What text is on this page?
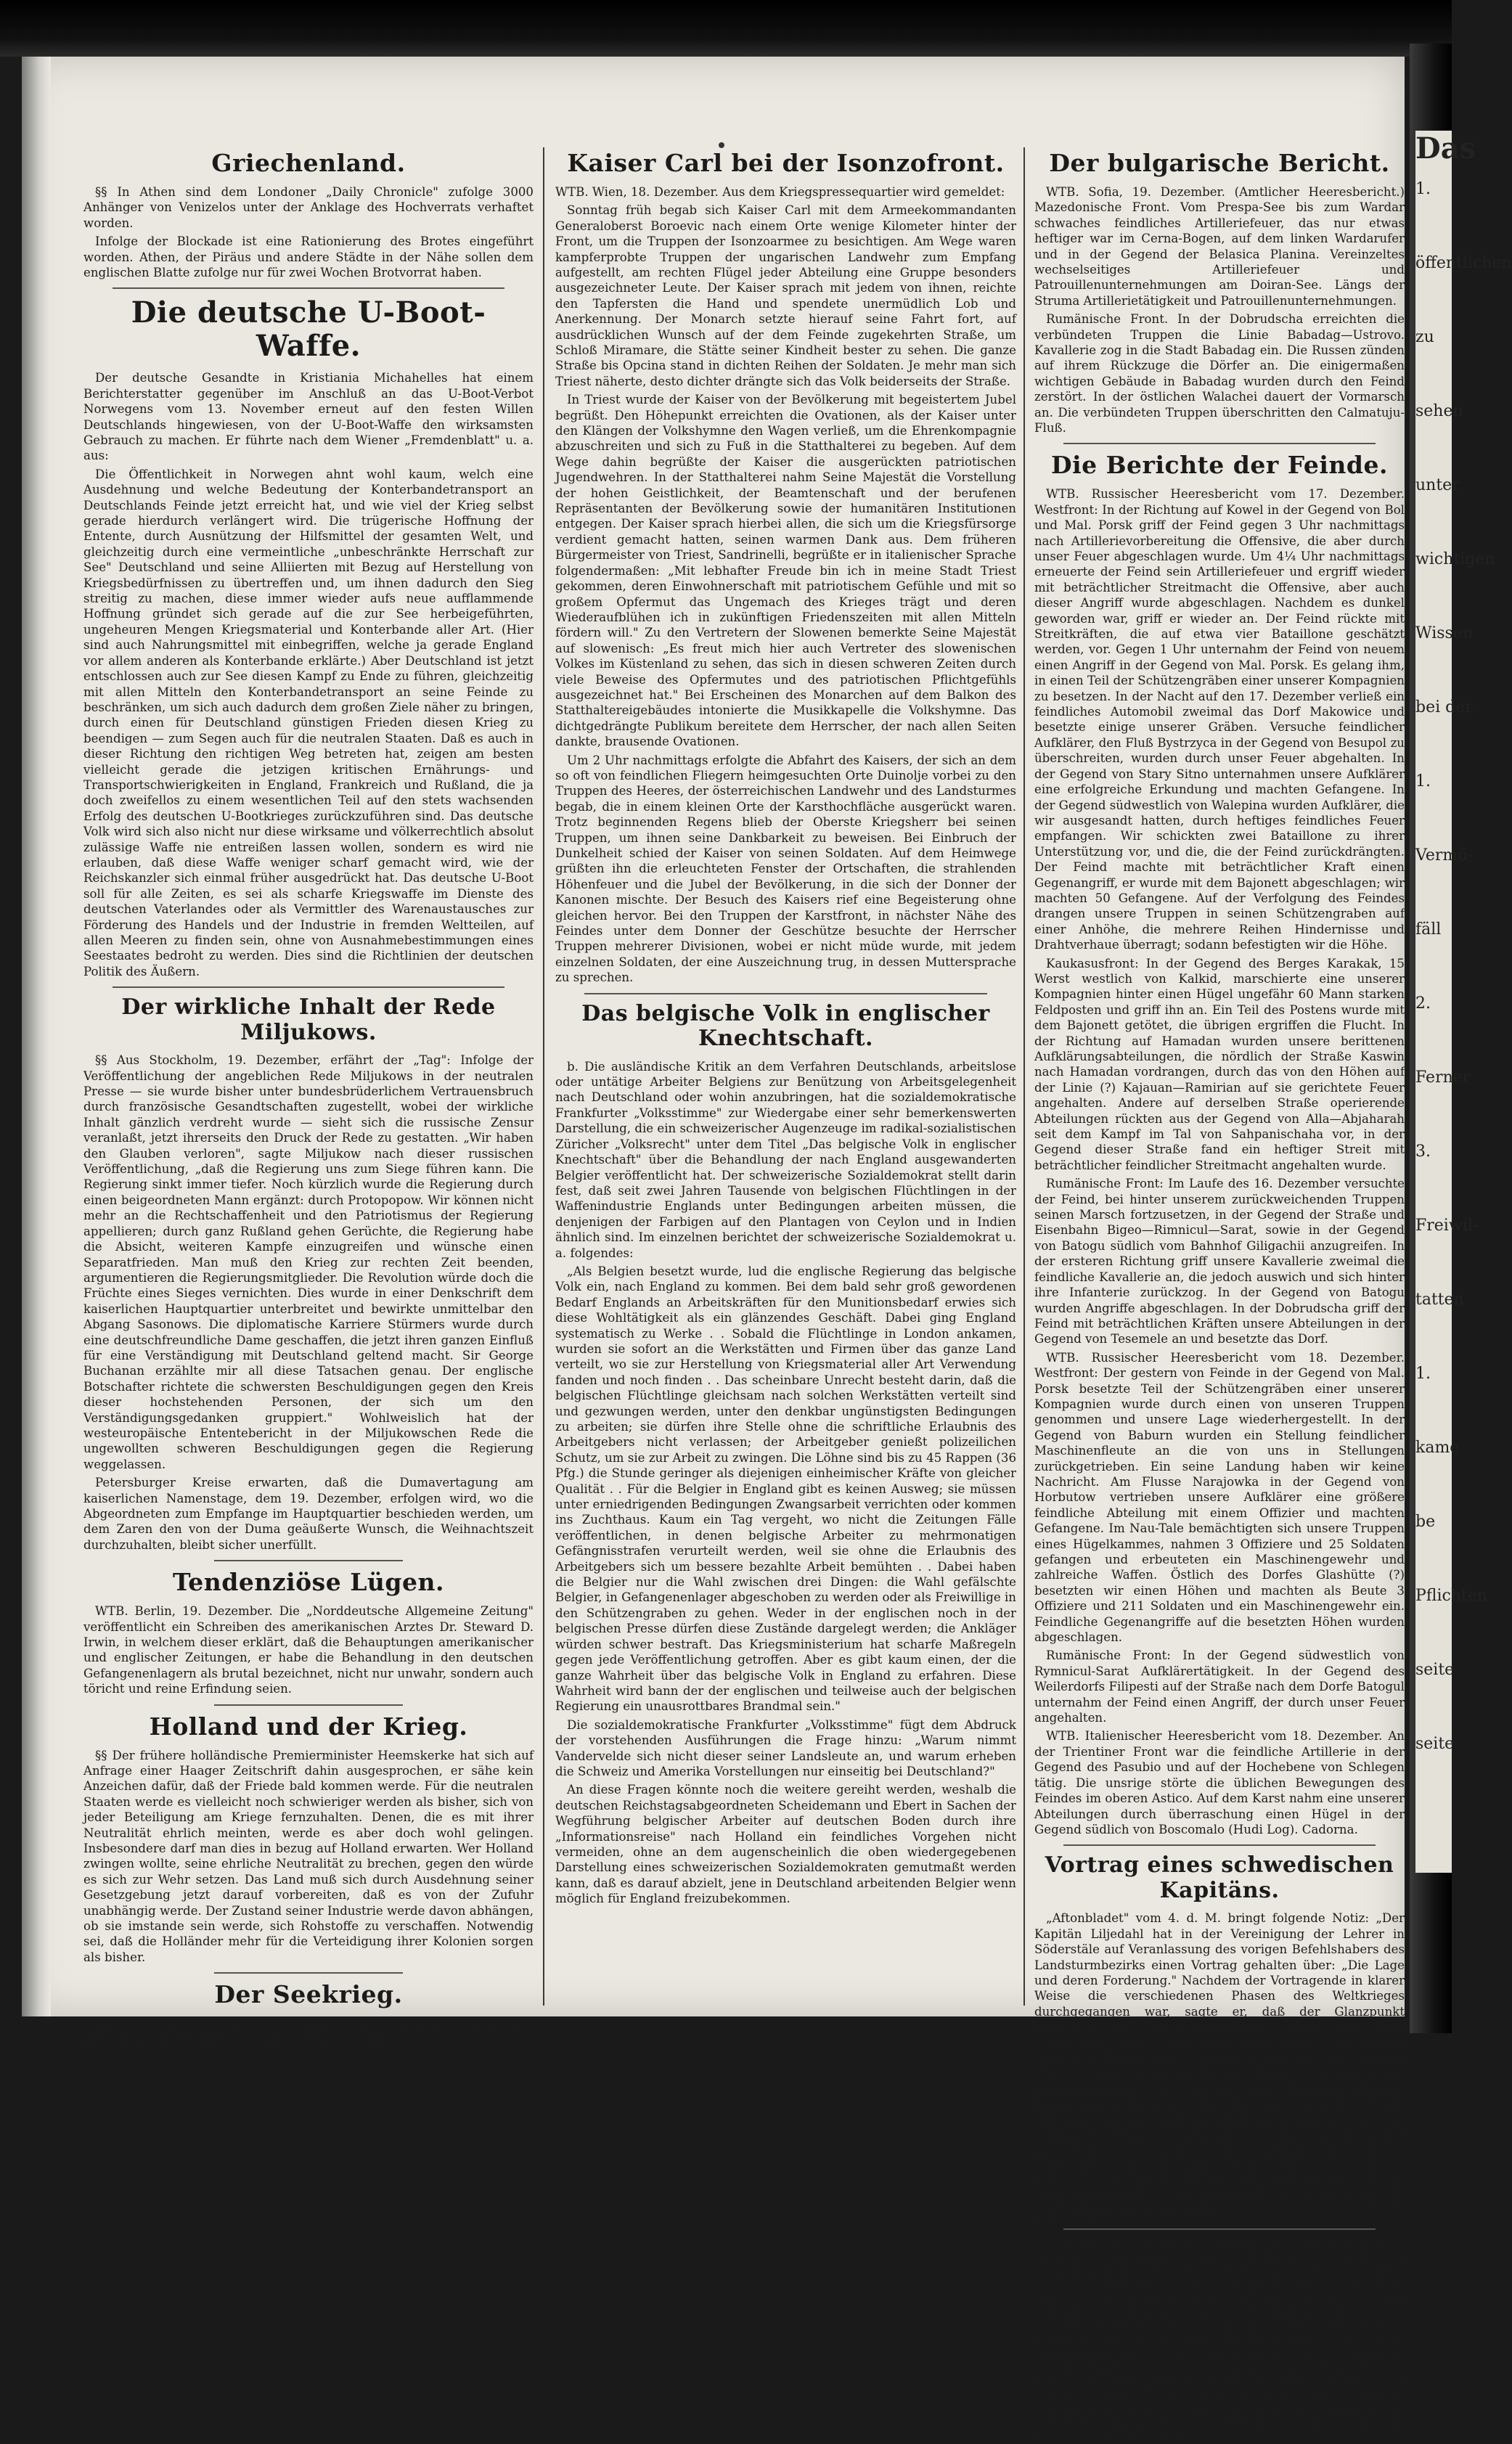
Griechenland.

§§ In Athen sind dem Londoner „Daily Chronicle" zufolge 3000 Anhänger von Venizelos unter der Anklage des Hochverrats verhaftet worden.

Infolge der Blockade ist eine Rationierung des Brotes eingeführt worden. Athen, der Piräus und andere Städte in der Nähe sollen dem englischen Blatte zufolge nur für zwei Wochen Brotvorrat haben.

Die deutsche U-Boot-Waffe.

Der deutsche Gesandte in Kristiania Michahelles hat einem Berichterstatter gegenüber im Anschluß an das U-Boot-Verbot Norwegens vom 13. November erneut auf den festen Willen Deutschlands hingewiesen, von der U-Boot-Waffe den wirksamsten Gebrauch zu machen. Er führte nach dem Wiener „Fremdenblatt" u. a. aus:

Die Öffentlichkeit in Norwegen ahnt wohl kaum, welch eine Ausdehnung und welche Bedeutung der Konterbandetransport an Deutschlands Feinde jetzt erreicht hat, und wie viel der Krieg selbst gerade hierdurch verlängert wird. Die trügerische Hoffnung der Entente, durch Ausnützung der Hilfsmittel der gesamten Welt, und gleichzeitig durch eine vermeintliche „unbeschränkte Herrschaft zur See" Deutschland und seine Alliierten mit Bezug auf Herstellung von Kriegsbedürfnissen zu übertreffen und, um ihnen dadurch den Sieg streitig zu machen, diese immer wieder aufs neue aufflammende Hoffnung gründet sich gerade auf die zur See herbeigeführten, ungeheuren Mengen Kriegsmaterial und Konterbande aller Art. (Hier sind auch Nahrungsmittel mit einbegriffen, welche ja gerade England vor allem anderen als Konterbande erklärte.) Aber Deutschland ist jetzt entschlossen auch zur See diesen Kampf zu Ende zu führen, gleichzeitig mit allen Mitteln den Konterbandetransport an seine Feinde zu beschränken, um sich auch dadurch dem großen Ziele näher zu bringen, durch einen für Deutschland günstigen Frieden diesen Krieg zu beendigen — zum Segen auch für die neutralen Staaten. Daß es auch in dieser Richtung den richtigen Weg betreten hat, zeigen am besten vielleicht gerade die jetzigen kritischen Ernährungs- und Transportschwierigkeiten in England, Frankreich und Rußland, die ja doch zweifellos zu einem wesentlichen Teil auf den stets wachsenden Erfolg des deutschen U-Bootkrieges zurückzuführen sind. Das deutsche Volk wird sich also nicht nur diese wirksame und völkerrechtlich absolut zulässige Waffe nie entreißen lassen wollen, sondern es wird nie erlauben, daß diese Waffe weniger scharf gemacht wird, wie der Reichskanzler sich einmal früher ausgedrückt hat. Das deutsche U-Boot soll für alle Zeiten, es sei als scharfe Kriegswaffe im Dienste des deutschen Vaterlandes oder als Vermittler des Warenaustausches zur Förderung des Handels und der Industrie in fremden Weltteilen, auf allen Meeren zu finden sein, ohne von Ausnahmebestimmungen eines Seestaates bedroht zu werden. Dies sind die Richtlinien der deutschen Politik des Äußern.

Der wirkliche Inhalt der Rede Miljukows.

§§ Aus Stockholm, 19. Dezember, erfährt der „Tag": Infolge der Veröffentlichung der angeblichen Rede Miljukows in der neutralen Presse — sie wurde bisher unter bundesbrüderlichem Vertrauensbruch durch französische Gesandtschaften zugestellt, wobei der wirkliche Inhalt gänzlich verdreht wurde — sieht sich die russische Zensur veranlaßt, jetzt ihrerseits den Druck der Rede zu gestatten. „Wir haben den Glauben verloren", sagte Miljukow nach dieser russischen Veröffentlichung, „daß die Regierung uns zum Siege führen kann. Die Regierung sinkt immer tiefer. Noch kürzlich wurde die Regierung durch einen beigeordneten Mann ergänzt: durch Protopopow. Wir können nicht mehr an die Rechtschaffenheit und den Patriotismus der Regierung appellieren; durch ganz Rußland gehen Gerüchte, die Regierung habe die Absicht, weiteren Kampfe einzugreifen und wünsche einen Separatfrieden. Man muß den Krieg zur rechten Zeit beenden, argumentieren die Regierungsmitglieder. Die Revolution würde doch die Früchte eines Sieges vernichten. Dies wurde in einer Denkschrift dem kaiserlichen Hauptquartier unterbreitet und bewirkte unmittelbar den Abgang Sasonows. Die diplomatische Karriere Stürmers wurde durch eine deutschfreundliche Dame geschaffen, die jetzt ihren ganzen Einfluß für eine Verständigung mit Deutschland geltend macht. Sir George Buchanan erzählte mir all diese Tatsachen genau. Der englische Botschafter richtete die schwersten Beschuldigungen gegen den Kreis dieser hochstehenden Personen, der sich um den Verständigungsgedanken gruppiert." Wohlweislich hat der westeuropäische Ententebericht in der Miljukowschen Rede die ungewollten schweren Beschuldigungen gegen die Regierung weggelassen.

Petersburger Kreise erwarten, daß die Dumavertagung am kaiserlichen Namenstage, dem 19. Dezember, erfolgen wird, wo die Abgeordneten zum Empfange im Hauptquartier beschieden werden, um dem Zaren den von der Duma geäußerte Wunsch, die Weihnachtszeit durchzuhalten, bleibt sicher unerfüllt.

Tendenziöse Lügen.

WTB. Berlin, 19. Dezember. Die „Norddeutsche Allgemeine Zeitung" veröffentlicht ein Schreiben des amerikanischen Arztes Dr. Steward D. Irwin, in welchem dieser erklärt, daß die Behauptungen amerikanischer und englischer Zeitungen, er habe die Behandlung in den deutschen Gefangenenlagern als brutal bezeichnet, nicht nur unwahr, sondern auch töricht und reine Erfindung seien.

Holland und der Krieg.

§§ Der frühere holländische Premierminister Heemskerke hat sich auf Anfrage einer Haager Zeitschrift dahin ausgesprochen, er sähe kein Anzeichen dafür, daß der Friede bald kommen werde. Für die neutralen Staaten werde es vielleicht noch schwieriger werden als bisher, sich von jeder Beteiligung am Kriege fernzuhalten. Denen, die es mit ihrer Neutralität ehrlich meinten, werde es aber doch wohl gelingen. Insbesondere darf man dies in bezug auf Holland erwarten. Wer Holland zwingen wollte, seine ehrliche Neutralität zu brechen, gegen den würde es sich zur Wehr setzen. Das Land muß sich durch Ausdehnung seiner Gesetzgebung jetzt darauf vorbereiten, daß es von der Zufuhr unabhängig werde. Der Zustand seiner Industrie werde davon abhängen, ob sie imstande sein werde, sich Rohstoffe zu verschaffen. Notwendig sei, daß die Holländer mehr für die Verteidigung ihrer Kolonien sorgen als bisher.

Der Seekrieg.

WTB. London, 19. Dezember. Nach einer Lloydsmeldung ist der portugiesische Dampfer „Cascais" versenkt worden.

Kaiser Carl bei der Isonzofront.

WTB. Wien, 18. Dezember. Aus dem Kriegspressequartier wird gemeldet:

Sonntag früh begab sich Kaiser Carl mit dem Armeekommandanten Generaloberst Boroevic nach einem Orte wenige Kilometer hinter der Front, um die Truppen der Isonzoarmee zu besichtigen. Am Wege waren kampferprobte Truppen der ungarischen Landwehr zum Empfang aufgestellt, am rechten Flügel jeder Abteilung eine Gruppe besonders ausgezeichneter Leute. Der Kaiser sprach mit jedem von ihnen, reichte den Tapfersten die Hand und spendete unermüdlich Lob und Anerkennung. Der Monarch setzte hierauf seine Fahrt fort, auf ausdrücklichen Wunsch auf der dem Feinde zugekehrten Straße, um Schloß Miramare, die Stätte seiner Kindheit bester zu sehen. Die ganze Straße bis Opcina stand in dichten Reihen der Soldaten. Je mehr man sich Triest näherte, desto dichter drängte sich das Volk beiderseits der Straße.

In Triest wurde der Kaiser von der Bevölkerung mit begeistertem Jubel begrüßt. Den Höhepunkt erreichten die Ovationen, als der Kaiser unter den Klängen der Volkshymne den Wagen verließ, um die Ehrenkompagnie abzuschreiten und sich zu Fuß in die Statthalterei zu begeben. Auf dem Wege dahin begrüßte der Kaiser die ausgerückten patriotischen Jugendwehren. In der Statthalterei nahm Seine Majestät die Vorstellung der hohen Geistlichkeit, der Beamtenschaft und der berufenen Repräsentanten der Bevölkerung sowie der humanitären Institutionen entgegen. Der Kaiser sprach hierbei allen, die sich um die Kriegsfürsorge verdient gemacht hatten, seinen warmen Dank aus. Dem früheren Bürgermeister von Triest, Sandrinelli, begrüßte er in italienischer Sprache folgendermaßen: „Mit lebhafter Freude bin ich in meine Stadt Triest gekommen, deren Einwohnerschaft mit patriotischem Gefühle und mit so großem Opfermut das Ungemach des Krieges trägt und deren Wiederaufblühen ich in zukünftigen Friedenszeiten mit allen Mitteln fördern will." Zu den Vertretern der Slowenen bemerkte Seine Majestät auf slowenisch: „Es freut mich hier auch Vertreter des slowenischen Volkes im Küstenland zu sehen, das sich in diesen schweren Zeiten durch viele Beweise des Opfermutes und des patriotischen Pflichtgefühls ausgezeichnet hat." Bei Erscheinen des Monarchen auf dem Balkon des Statthaltereigebäudes intonierte die Musikkapelle die Volkshymne. Das dichtgedrängte Publikum bereitete dem Herrscher, der nach allen Seiten dankte, brausende Ovationen.

Um 2 Uhr nachmittags erfolgte die Abfahrt des Kaisers, der sich an dem so oft von feindlichen Fliegern heimgesuchten Orte Duinolje vorbei zu den Truppen des Heeres, der österreichischen Landwehr und des Landsturmes begab, die in einem kleinen Orte der Karsthochfläche ausgerückt waren. Trotz beginnenden Regens blieb der Oberste Kriegsherr bei seinen Truppen, um ihnen seine Dankbarkeit zu beweisen. Bei Einbruch der Dunkelheit schied der Kaiser von seinen Soldaten. Auf dem Heimwege grüßten ihn die erleuchteten Fenster der Ortschaften, die strahlenden Höhenfeuer und die Jubel der Bevölkerung, in die sich der Donner der Kanonen mischte. Der Besuch des Kaisers rief eine Begeisterung ohne gleichen hervor. Bei den Truppen der Karstfront, in nächster Nähe des Feindes unter dem Donner der Geschütze besuchte der Herrscher Truppen mehrerer Divisionen, wobei er nicht müde wurde, mit jedem einzelnen Soldaten, der eine Auszeichnung trug, in dessen Muttersprache zu sprechen.

Das belgische Volk in englischer Knechtschaft.

b. Die ausländische Kritik an dem Verfahren Deutschlands, arbeitslose oder untätige Arbeiter Belgiens zur Benützung von Arbeitsgelegenheit nach Deutschland oder wohin anzubringen, hat die sozialdemokratische Frankfurter „Volksstimme" zur Wiedergabe einer sehr bemerkenswerten Darstellung, die ein schweizerischer Augenzeuge im radikal-sozialistischen Züricher „Volksrecht" unter dem Titel „Das belgische Volk in englischer Knechtschaft" über die Behandlung der nach England ausgewanderten Belgier veröffentlicht hat. Der schweizerische Sozialdemokrat stellt darin fest, daß seit zwei Jahren Tausende von belgischen Flüchtlingen in der Waffenindustrie Englands unter Bedingungen arbeiten müssen, die denjenigen der Farbigen auf den Plantagen von Ceylon und in Indien ähnlich sind. Im einzelnen berichtet der schweizerische Sozialdemokrat u. a. folgendes:

„Als Belgien besetzt wurde, lud die englische Regierung das belgische Volk ein, nach England zu kommen. Bei dem bald sehr groß gewordenen Bedarf Englands an Arbeitskräften für den Munitionsbedarf erwies sich diese Wohltätigkeit als ein glänzendes Geschäft. Dabei ging England systematisch zu Werke . . Sobald die Flüchtlinge in London ankamen, wurden sie sofort an die Werkstätten und Firmen über das ganze Land verteilt, wo sie zur Herstellung von Kriegsmaterial aller Art Verwendung fanden und noch finden . . Das scheinbare Unrecht besteht darin, daß die belgischen Flüchtlinge gleichsam nach solchen Werkstätten verteilt sind und gezwungen werden, unter den denkbar ungünstigsten Bedingungen zu arbeiten; sie dürfen ihre Stelle ohne die schriftliche Erlaubnis des Arbeitgebers nicht verlassen; der Arbeitgeber genießt polizeilichen Schutz, um sie zur Arbeit zu zwingen. Die Löhne sind bis zu 45 Rappen (36 Pfg.) die Stunde geringer als diejenigen einheimischer Kräfte von gleicher Qualität . . Für die Belgier in England gibt es keinen Ausweg; sie müssen unter erniedrigenden Bedingungen Zwangsarbeit verrichten oder kommen ins Zuchthaus. Kaum ein Tag vergeht, wo nicht die Zeitungen Fälle veröffentlichen, in denen belgische Arbeiter zu mehrmonatigen Gefängnisstrafen verurteilt werden, weil sie ohne die Erlaubnis des Arbeitgebers sich um bessere bezahlte Arbeit bemühten . . Dabei haben die Belgier nur die Wahl zwischen drei Dingen: die Wahl gefälschte Belgier, in Gefangenenlager abgeschoben zu werden oder als Freiwillige in den Schützengraben zu gehen. Weder in der englischen noch in der belgischen Presse dürfen diese Zustände dargelegt werden; die Ankläger würden schwer bestraft. Das Kriegsministerium hat scharfe Maßregeln gegen jede Veröffentlichung getroffen. Aber es gibt kaum einen, der die ganze Wahrheit über das belgische Volk in England zu erfahren. Diese Wahrheit wird bann der der englischen und teilweise auch der belgischen Regierung ein unausrottbares Brandmal sein."

Die sozialdemokratische Frankfurter „Volksstimme" fügt dem Abdruck der vorstehenden Ausführungen die Frage hinzu: „Warum nimmt Vandervelde sich nicht dieser seiner Landsleute an, und warum erheben die Schweiz und Amerika Vorstellungen nur einseitig bei Deutschland?"

An diese Fragen könnte noch die weitere gereiht werden, weshalb die deutschen Reichstagsabgeordneten Scheidemann und Ebert in Sachen der Wegführung belgischer Arbeiter auf deutschen Boden durch ihre „Informationsreise" nach Holland ein feindliches Vorgehen nicht vermeiden, ohne an dem augenscheinlich die oben wiedergegebenen Darstellung eines schweizerischen Sozialdemokraten gemutmaßt werden kann, daß es darauf abzielt, jene in Deutschland arbeitenden Belgier wenn möglich für England freizubekommen.

Der bulgarische Bericht.

WTB. Sofia, 19. Dezember. (Amtlicher Heeresbericht.) Mazedonische Front. Vom Prespa-See bis zum Wardar schwaches feindliches Artilleriefeuer, das nur etwas heftiger war im Cerna-Bogen, auf dem linken Wardarufer und in der Gegend der Belasica Planina. Vereinzeltes wechselseitiges Artilleriefeuer und Patrouillenunternehmungen am Doiran-See. Längs der Struma Artillerietätigkeit und Patrouillenunternehmungen.

Rumänische Front. In der Dobrudscha erreichten die verbündeten Truppen die Linie Babadag—Ustrovo. Kavallerie zog in die Stadt Babadag ein. Die Russen zünden auf ihrem Rückzuge die Dörfer an. Die einigermaßen wichtigen Gebäude in Babadag wurden durch den Feind zerstört. In der östlichen Walachei dauert der Vormarsch an. Die verbündeten Truppen überschritten den Calmatuju-Fluß.

Die Berichte der Feinde.

WTB. Russischer Heeresbericht vom 17. Dezember. Westfront: In der Richtung auf Kowel in der Gegend von Bol und Mal. Porsk griff der Feind gegen 3 Uhr nachmittags nach Artillerievorbereitung die Offensive, die aber durch unser Feuer abgeschlagen wurde. Um 4¼ Uhr nachmittags erneuerte der Feind sein Artilleriefeuer und ergriff wieder mit beträchtlicher Streitmacht die Offensive, aber auch dieser Angriff wurde abgeschlagen. Nachdem es dunkel geworden war, griff er wieder an. Der Feind rückte mit Streitkräften, die auf etwa vier Bataillone geschätzt werden, vor. Gegen 1 Uhr unternahm der Feind von neuem einen Angriff in der Gegend von Mal. Porsk. Es gelang ihm, in einen Teil der Schützengräben einer unserer Kompagnien zu besetzen. In der Nacht auf den 17. Dezember verließ ein feindliches Automobil zweimal das Dorf Makowice und besetzte einige unserer Gräben. Versuche feindlicher Aufklärer, den Fluß Bystrzyca in der Gegend von Besupol zu überschreiten, wurden durch unser Feuer abgehalten. In der Gegend von Stary Sitno unternahmen unsere Aufklärer eine erfolgreiche Erkundung und machten Gefangene. In der Gegend südwestlich von Walepina wurden Aufklärer, die wir ausgesandt hatten, durch heftiges feindliches Feuer empfangen. Wir schickten zwei Bataillone zu ihrer Unterstützung vor, und die, die der Feind zurückdrängten. Der Feind machte mit beträchtlicher Kraft einen Gegenangriff, er wurde mit dem Bajonett abgeschlagen; wir machten 50 Gefangene. Auf der Verfolgung des Feindes drangen unsere Truppen in seinen Schützengraben auf einer Anhöhe, die mehrere Reihen Hindernisse und Drahtverhaue überragt; sodann befestigten wir die Höhe.

Kaukasusfront: In der Gegend des Berges Karakak, 15 Werst westlich von Kalkid, marschierte eine unserer Kompagnien hinter einen Hügel ungefähr 60 Mann starken Feldposten und griff ihn an. Ein Teil des Postens wurde mit dem Bajonett getötet, die übrigen ergriffen die Flucht. In der Richtung auf Hamadan wurden unsere berittenen Aufklärungsabteilungen, die nördlich der Straße Kaswin nach Hamadan vordrangen, durch das von den Höhen auf der Linie (?) Kajauan—Ramirian auf sie gerichtete Feuer angehalten. Andere auf derselben Straße operierende Abteilungen rückten aus der Gegend von Alla—Abjaharah seit dem Kampf im Tal von Sahpanischaha vor, in der Gegend dieser Straße fand ein heftiger Streit mit beträchtlicher feindlicher Streitmacht angehalten wurde.

Rumänische Front: Im Laufe des 16. Dezember versuchte der Feind, bei hinter unserem zurückweichenden Truppen seinen Marsch fortzusetzen, in der Gegend der Straße und Eisenbahn Bigeo—Rimnicul—Sarat, sowie in der Gegend von Batogu südlich vom Bahnhof Giligachii anzugreifen. In der ersteren Richtung griff unsere Kavallerie zweimal die feindliche Kavallerie an, die jedoch auswich und sich hinter ihre Infanterie zurückzog. In der Gegend von Batogu wurden Angriffe abgeschlagen. In der Dobrudscha griff der Feind mit beträchtlichen Kräften unsere Abteilungen in der Gegend von Tesemele an und besetzte das Dorf.

WTB. Russischer Heeresbericht vom 18. Dezember. Westfront: Der gestern von Feinde in der Gegend von Mal. Porsk besetzte Teil der Schützengräben einer unserer Kompagnien wurde durch einen von unseren Truppen genommen und unsere Lage wiederhergestellt. In der Gegend von Baburn wurden ein Stellung feindlicher Maschinenfleute an die von uns in Stellungen zurückgetrieben. Ein seine Landung haben wir keine Nachricht. Am Flusse Narajowka in der Gegend von Horbutow vertrieben unsere Aufklärer eine größere feindliche Abteilung mit einem Offizier und machten Gefangene. Im Nau-Tale bemächtigten sich unsere Truppen eines Hügelkammes, nahmen 3 Offiziere und 25 Soldaten gefangen und erbeuteten ein Maschinengewehr und zahlreiche Waffen. Östlich des Dorfes Glashütte (?) besetzten wir einen Höhen und machten als Beute 3 Offiziere und 211 Soldaten und ein Maschinengewehr ein. Feindliche Gegenangriffe auf die besetzten Höhen wurden abgeschlagen.

Rumänische Front: In der Gegend südwestlich von Rymnicul-Sarat Aufklärertätigkeit. In der Gegend des Weilerdorfs Filipesti auf der Straße nach dem Dorfe Batogul unternahm der Feind einen Angriff, der durch unser Feuer angehalten.

WTB. Italienischer Heeresbericht vom 18. Dezember. An der Trientiner Front war die feindliche Artillerie in der Gegend des Pasubio und auf der Hochebene von Schlegen tätig. Die unsrige störte die üblichen Bewegungen des Feindes im oberen Astico. Auf dem Karst nahm eine unserer Abteilungen durch überraschung einen Hügel in der Gegend südlich von Boscomalo (Hudi Log). Cadorna.

Vortrag eines schwedischen Kapitäns.

„Aftonbladet" vom 4. d. M. bringt folgende Notiz: „Der Kapitän Liljedahl hat in der Vereinigung der Lehrer in Söderstäle auf Veranlassung des vorigen Befehlshabers des Landsturmbezirks einen Vortrag gehalten über: „Die Lage und deren Forderung." Nachdem der Vortragende in klarer Weise die verschiedenen Phasen des Weltkrieges durchgegangen war, sagte er, daß der Glanzpunkt desselben die Freiheitserklärung Polens von dem russischen Joch sei. Man könne weiter hoffen, daß in dem Maße die Finnen davon befreit werden, wie die von den Pforten abgehaltenen Völker der Ostsee, als welche die Ostseeprovinzen und Finnland, eine glänzende Zukunft beschieden sein würde. Der Redner sprach weiter die Hoffnung aus, daß nach dem Friedensschluß der mehrere europäische Staaten zusammenstehen würden, die in der Lage wären, zu verhindern, daß in Zukunft ein ähnlicher Krieg wieder entstehen könne. Ferner müsse man fordern, daß ganz schwedische Volk sich zusammenschließe, um die Regierung zu stützen, um gegebenenfalls das Recht und die Ehre Schwedens zu schützen.

* In einem bei E. S. Mittler u. Sohn in Berlin erschienenen Buch „Kriegsziele und Friedensaussichten" (25 Pf.) behandelt Adolf Sauer die gegenwärtigen wirtschaftlichen Verhältnisse der kriegführenden Mächte Deutschland, England, Frankreich, Italien, Rumänien, Rußland, Oesterreich-Ungarn, auf Grund der Tatsachen, die er nur authentische Zahlen bei seiner Beweisführung wählte. Diese statistischen Ziffern gewinnen eine ganz andere Bedeutung in Verbindung mit der Erörterung über die politische Lage und die Friedensaussichten. Der Verfasser weist nach, daß wir Deutsche keinerlei Veranlassung zur Schwarzseherei haben. Hans Stremann in derselben bei dem früheren Verlage erschienenen Schrift „Unser Kriegsziel" (Preis 50 Pf.) unter eingehender Gesichtspunkten ausgezeichnete Darstellung, was wir alles und wie viel wir in dem Kriege erreichen müssen, um die Zukunft Deutschlands und seine friedliche Entwicklung zu sichern.

Das
1.
öffentlichen
zu
sehen
unter
wichtigen
Wissen
bei der
1.
Vermö-
fäll
2.
Ferner
3.
Freiwil-
tatten
1.
kame
be
Pflichten
seite
seite
